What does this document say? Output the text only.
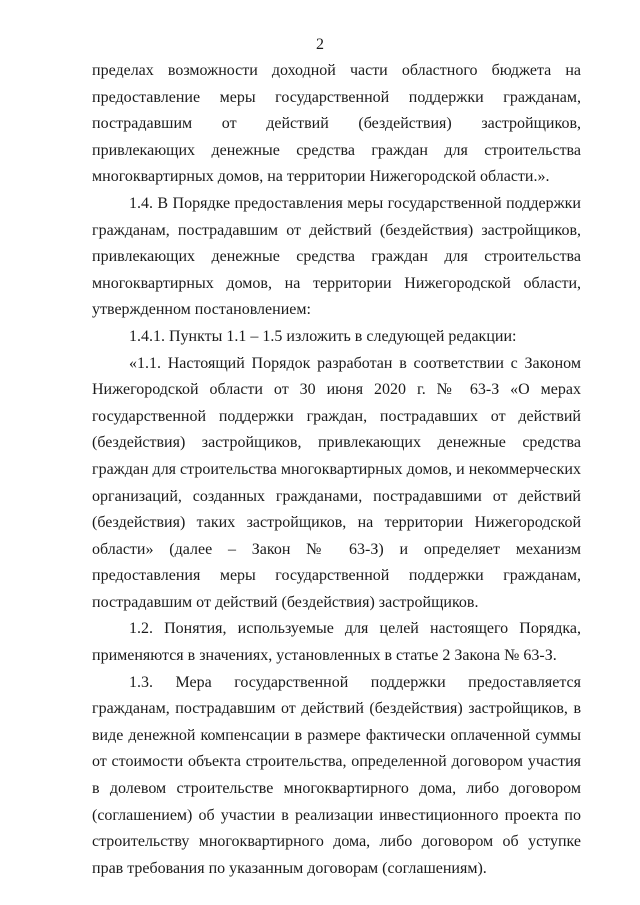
2

пределах возможности доходной части областного бюджета на предоставление меры государственной поддержки гражданам, пострадавшим от действий (бездействия) застройщиков, привлекающих денежные средства граждан для строительства многоквартирных домов, на территории Нижегородской области.».

1.4. В Порядке предоставления меры государственной поддержки гражданам, пострадавшим от действий (бездействия) застройщиков, привлекающих денежные средства граждан для строительства многоквартирных домов, на территории Нижегородской области, утвержденном постановлением:

1.4.1. Пункты 1.1 – 1.5 изложить в следующей редакции:

«1.1. Настоящий Порядок разработан в соответствии с Законом Нижегородской области от 30 июня 2020 г. № 63-З «О мерах государственной поддержки граждан, пострадавших от действий (бездействия) застройщиков, привлекающих денежные средства граждан для строительства многоквартирных домов, и некоммерческих организаций, созданных гражданами, пострадавшими от действий (бездействия) таких застройщиков, на территории Нижегородской области» (далее – Закон № 63-З) и определяет механизм предоставления меры государственной поддержки гражданам, пострадавшим от действий (бездействия) застройщиков.

1.2. Понятия, используемые для целей настоящего Порядка, применяются в значениях, установленных в статье 2 Закона № 63-З.

1.3. Мера государственной поддержки предоставляется гражданам, пострадавшим от действий (бездействия) застройщиков, в виде денежной компенсации в размере фактически оплаченной суммы от стоимости объекта строительства, определенной договором участия в долевом строительстве многоквартирного дома, либо договором (соглашением) об участии в реализации инвестиционного проекта по строительству многоквартирного дома, либо договором об уступке прав требования по указанным договорам (соглашениям).
